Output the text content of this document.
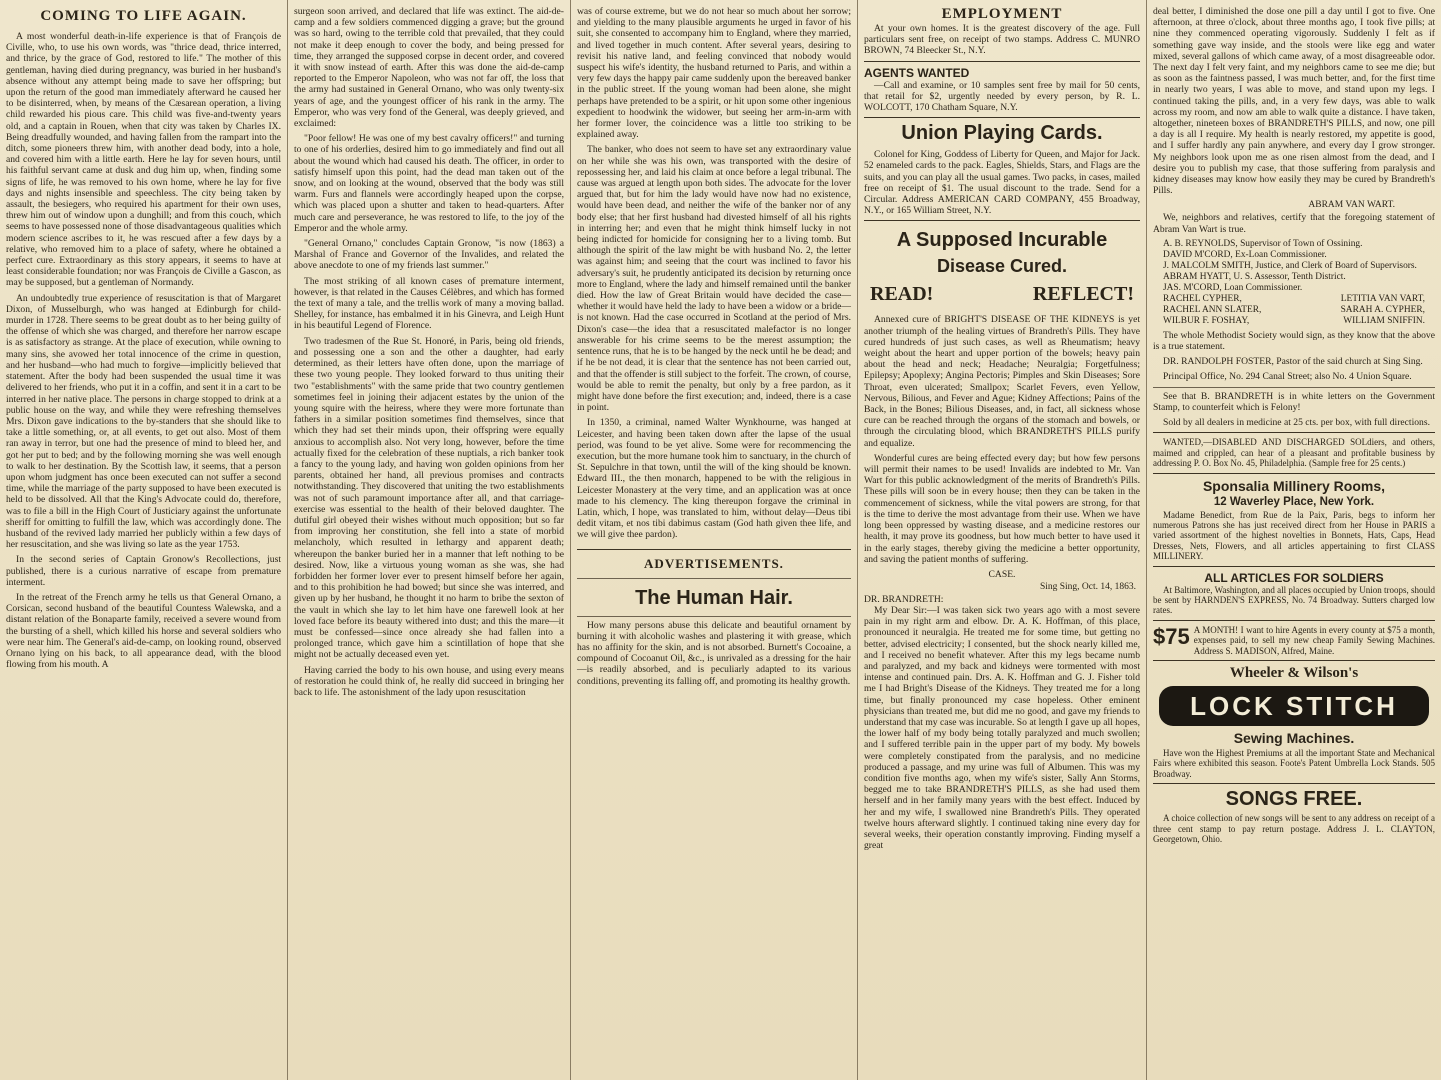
COMING TO LIFE AGAIN.

A most wonderful death-in-life experience is that of François de Civille, who, to use his own words, was "thrice dead, thrice interred, and thrice, by the grace of God, restored to life." The mother of this gentleman, having died during pregnancy, was buried in her husband's absence without any attempt being made to save her offspring; but upon the return of the good man immediately afterward he caused her to be disinterred, when, by means of the Cæsarean operation, a living child rewarded his pious care. This child was five-and-twenty years old, and a captain in Rouen, when that city was taken by Charles IX. Being dreadfully wounded, and having fallen from the rampart into the ditch, some pioneers threw him, with another dead body, into a hole, and covered him with a little earth. Here he lay for seven hours, until his faithful servant came at dusk and dug him up, when, finding some signs of life, he was removed to his own home, where he lay for five days and nights insensible and speechless. The city being taken by assault, the besiegers, who required his apartment for their own uses, threw him out of window upon a dunghill; and from this couch, which seems to have possessed none of those disadvantageous qualities which modern science ascribes to it, he was rescued after a few days by a relative, who removed him to a place of safety, where he obtained a perfect cure. Extraordinary as this story appears, it seems to have at least considerable foundation; nor was François de Civille a Gascon, as may be supposed, but a gentleman of Normandy.

An undoubtedly true experience of resuscitation is that of Margaret Dixon, of Musselburgh, who was hanged at Edinburgh for child-murder in 1728. There seems to be great doubt as to her being guilty of the offense of which she was charged, and therefore her narrow escape is as satisfactory as strange. At the place of execution, while owning to many sins, she avowed her total innocence of the crime in question, and her husband—who had much to forgive—implicitly believed that statement. After the body had been suspended the usual time it was delivered to her friends, who put it in a coffin, and sent it in a cart to be interred in her native place. The persons in charge stopped to drink at a public house on the way, and while they were refreshing themselves Mrs. Dixon gave indications to the by-standers that she should like to take a little something, or, at all events, to get out also. Most of them ran away in terror, but one had the presence of mind to bleed her, and got her put to bed; and by the following morning she was well enough to walk to her destination. By the Scottish law, it seems, that a person upon whom judgment has once been executed can not suffer a second time, while the marriage of the party supposed to have been executed is held to be dissolved. All that the King's Advocate could do, therefore, was to file a bill in the High Court of Justiciary against the unfortunate sheriff for omitting to fulfill the law, which was accordingly done. The husband of the revived lady married her publicly within a few days of her resuscitation, and she was living so late as the year 1753.

In the second series of Captain Gronow's Recollections, just published, there is a curious narrative of escape from premature interment.

In the retreat of the French army he tells us that General Ornano, a Corsican, second husband of the beautiful Countess Walewska, and a distant relation of the Bonaparte family, received a severe wound from the bursting of a shell, which killed his horse and several soldiers who were near him. The General's aid-de-camp, on looking round, observed Ornano lying on his back, to all appearance dead, with the blood flowing from his mouth. A

surgeon soon arrived, and declared that life was extinct. The aid-de-camp and a few soldiers commenced digging a grave; but the ground was so hard, owing to the terrible cold that prevailed, that they could not make it deep enough to cover the body, and being pressed for time, they arranged the supposed corpse in decent order, and covered it with snow instead of earth. After this was done the aid-de-camp reported to the Emperor Napoleon, who was not far off, the loss that the army had sustained in General Ornano, who was only twenty-six years of age, and the youngest officer of his rank in the army. The Emperor, who was very fond of the General, was deeply grieved, and exclaimed:

"Poor fellow! He was one of my best cavalry officers!" and turning to one of his orderlies, desired him to go immediately and find out all about the wound which had caused his death. The officer, in order to satisfy himself upon this point, had the dead man taken out of the snow, and on looking at the wound, observed that the body was still warm. Furs and flannels were accordingly heaped upon the corpse, which was placed upon a shutter and taken to head-quarters. After much care and perseverance, he was restored to life, to the joy of the Emperor and the whole army.

"General Ornano," concludes Captain Gronow, "is now (1863) a Marshal of France and Governor of the Invalides, and related the above anecdote to one of my friends last summer."

The most striking of all known cases of premature interment, however, is that related in the Causes Célèbres, and which has formed the text of many a tale, and the trellis work of many a moving ballad. Shelley, for instance, has embalmed it in his Ginevra, and Leigh Hunt in his beautiful Legend of Florence.

Two tradesmen of the Rue St. Honoré, in Paris, being old friends, and possessing one a son and the other a daughter, had early determined, as their letters have often done, upon the marriage of these two young people. They looked forward to thus uniting their two "establishments" with the same pride that two country gentlemen sometimes feel in joining their adjacent estates by the union of the young squire with the heiress, where they were more fortunate than fathers in a similar position sometimes find themselves, since that which they had set their minds upon, their offspring were equally anxious to accomplish also. Not very long, however, before the time actually fixed for the celebration of these nuptials, a rich banker took a fancy to the young lady, and having won golden opinions from her parents, obtained her hand, all previous promises and contracts notwithstanding. They discovered that uniting the two establishments was not of such paramount importance after all, and that carriage-exercise was essential to the health of their beloved daughter. The dutiful girl obeyed their wishes without much opposition; but so far from improving her constitution, she fell into a state of morbid melancholy, which resulted in lethargy and apparent death; whereupon the banker buried her in a manner that left nothing to be desired. Now, like a virtuous young woman as she was, she had forbidden her former lover ever to present himself before her again, and to this prohibition he had bowed; but since she was interred, and given up by her husband, he thought it no harm to bribe the sexton of the vault in which she lay to let him have one farewell look at her loved face before its beauty withered into dust; and this the mare—it must be confessed—since once already she had fallen into a prolonged trance, which gave him a scintillation of hope that she might not be actually deceased even yet.

Having carried the body to his own house, and using every means of restoration he could think of, he really did succeed in bringing her back to life. The astonishment of the lady upon resuscitation

was of course extreme, but we do not hear so much about her sorrow; and yielding to the many plausible arguments he urged in favor of his suit, she consented to accompany him to England, where they married, and lived together in much content. After several years, desiring to revisit his native land, and feeling convinced that nobody would suspect his wife's identity, the husband returned to Paris, and within a very few days the happy pair came suddenly upon the bereaved banker in the public street. If the young woman had been alone, she might perhaps have pretended to be a spirit, or hit upon some other ingenious expedient to hoodwink the widower, but seeing her arm-in-arm with her former lover, the coincidence was a little too striking to be explained away.

The banker, who does not seem to have set any extraordinary value on her while she was his own, was transported with the desire of repossessing her, and laid his claim at once before a legal tribunal. The cause was argued at length upon both sides. The advocate for the lover argued that, but for him the lady would have now had no existence, would have been dead, and neither the wife of the banker nor of any body else; that her first husband had divested himself of all his rights in interring her; and even that he might think himself lucky in not being indicted for homicide for consigning her to a living tomb. But although the spirit of the law might be with husband No. 2, the letter was against him; and seeing that the court was inclined to favor his adversary's suit, he prudently anticipated its decision by returning once more to England, where the lady and himself remained until the banker died. How the law of Great Britain would have decided the case—whether it would have held the lady to have been a widow or a bride—is not known. Had the case occurred in Scotland at the period of Mrs. Dixon's case—the idea that a resuscitated malefactor is no longer answerable for his crime seems to be the merest assumption; the sentence runs, that he is to be hanged by the neck until he be dead; and if he be not dead, it is clear that the sentence has not been carried out, and that the offender is still subject to the forfeit. The crown, of course, would be able to remit the penalty, but only by a free pardon, as it might have done before the first execution; and, indeed, there is a case in point.

In 1350, a criminal, named Walter Wynkhourne, was hanged at Leicester, and having been taken down after the lapse of the usual period, was found to be yet alive. Some were for recommencing the execution, but the more humane took him to sanctuary, in the church of St. Sepulchre in that town, until the will of the king should be known. Edward III., the then monarch, happened to be with the religious in Leicester Monastery at the very time, and an application was at once made to his clemency. The king thereupon forgave the criminal in Latin, which, I hope, was translated to him, without delay—Deus tibi dedit vitam, et nos tibi dabimus castam (God hath given thee life, and we will give thee pardon).

ADVERTISEMENTS.
The Human Hair.

How many persons abuse this delicate and beautiful ornament by burning it with alcoholic washes and plastering it with grease, which has no affinity for the skin, and is not absorbed. Burnett's Cocoaine, a compound of Cocoanut Oil, &c., is unrivaled as a dressing for the hair—is readily absorbed, and is peculiarly adapted to its various conditions, preventing its falling off, and promoting its healthy growth.

EMPLOYMENT

At your own homes. It is the greatest discovery of the age. Full particulars sent free, on receipt of two stamps. Address C. MUNRO BROWN, 74 Bleecker St., N.Y.

AGENTS WANTED

—Call and examine, or 10 samples sent free by mail for 50 cents, that retail for $2, urgently needed by every person, by R. L. WOLCOTT, 170 Chatham Square, N.Y.

Union Playing Cards.

Colonel for King, Goddess of Liberty for Queen, and Major for Jack. 52 enameled cards to the pack. Eagles, Shields, Stars, and Flags are the suits, and you can play all the usual games. Two packs, in cases, mailed free on receipt of $1. The usual discount to the trade. Send for a Circular. Address AMERICAN CARD COMPANY, 455 Broadway, N.Y., or 165 William Street, N.Y.

A Supposed Incurable
Disease Cured.
READ!	REFLECT!

Annexed cure of BRIGHT'S DISEASE OF THE KIDNEYS is yet another triumph of the healing virtues of Brandreth's Pills. They have cured hundreds of just such cases, as well as Rheumatism; heavy weight about the heart and upper portion of the bowels; heavy pain about the head and neck; Headache; Neuralgia; Forgetfulness; Epilepsy; Apoplexy; Angina Pectoris; Pimples and Skin Diseases; Sore Throat, even ulcerated; Smallpox; Scarlet Fevers, even Yellow, Nervous, Bilious, and Fever and Ague; Kidney Affections; Pains of the Back, in the Bones; Bilious Diseases, and, in fact, all sickness whose cure can be reached through the organs of the stomach and bowels, or through the circulating blood, which BRANDRETH'S PILLS purify and equalize.

Wonderful cures are being effected every day; but how few persons will permit their names to be used! Invalids are indebted to Mr. Van Wart for this public acknowledgment of the merits of Brandreth's Pills. These pills will soon be in every house; then they can be taken in the commencement of sickness, while the vital powers are strong, for that is the time to derive the most advantage from their use. When we have long been oppressed by wasting disease, and a medicine restores our health, it may prove its goodness, but how much better to have used it in the early stages, thereby giving the medicine a better opportunity, and saving the patient months of suffering.

CASE.
Sing Sing, Oct. 14, 1863.
DR. BRANDRETH:

My Dear Sir:—I was taken sick two years ago with a most severe pain in my right arm and elbow. Dr. A. K. Hoffman, of this place, pronounced it neuralgia. He treated me for some time, but getting no better, advised electricity; I consented, but the shock nearly killed me, and I received no benefit whatever. After this my legs became numb and paralyzed, and my back and kidneys were tormented with most intense and continued pain. Drs. A. K. Hoffman and G. J. Fisher told me I had Bright's Disease of the Kidneys. They treated me for a long time, but finally pronounced my case hopeless. Other eminent physicians than treated me, but did me no good, and gave my friends to understand that my case was incurable. So at length I gave up all hopes, the lower half of my body being totally paralyzed and much swollen; and I suffered terrible pain in the upper part of my body. My bowels were completely constipated from the paralysis, and no medicine produced a passage, and my urine was full of Albumen. This was my condition five months ago, when my wife's sister, Sally Ann Storms, begged me to take BRANDRETH'S PILLS, as she had used them herself and in her family many years with the best effect. Induced by her and my wife, I swallowed nine Brandreth's Pills. They operated twelve hours afterward slightly. I continued taking nine every day for several weeks, their operation constantly improving. Finding myself a great

deal better, I diminished the dose one pill a day until I got to five. One afternoon, at three o'clock, about three months ago, I took five pills; at nine they commenced operating vigorously. Suddenly I felt as if something gave way inside, and the stools were like egg and water mixed, several gallons of which came away, of a most disagreeable odor. The next day I felt very faint, and my neighbors came to see me die; but as soon as the faintness passed, I was much better, and, for the first time in nearly two years, I was able to move, and stand upon my legs. I continued taking the pills, and, in a very few days, was able to walk across my room, and now am able to walk quite a distance. I have taken, altogether, nineteen boxes of BRANDRETH'S PILLS, and now, one pill a day is all I require. My health is nearly restored, my appetite is good, and I suffer hardly any pain anywhere, and every day I grow stronger. My neighbors look upon me as one risen almost from the dead, and I desire you to publish my case, that those suffering from paralysis and kidney diseases may know how easily they may be cured by Brandreth's Pills.

ABRAM VAN WART.

We, neighbors and relatives, certify that the foregoing statement of Abram Van Wart is true.

A. B. REYNOLDS, Supervisor of Town of Ossining.
DAVID M'CORD, Ex-Loan Commissioner.
J. MALCOLM SMITH, Justice, and Clerk of Board of Supervisors.
ABRAM HYATT, U. S. Assessor, Tenth District.
JAS. M'CORD, Loan Commissioner.
RACHEL CYPHER,	LETITIA VAN VART,
RACHEL ANN SLATER,	SARAH A. CYPHER,
WILBUR F. FOSHAY,	WILLIAM SNIFFIN.

The whole Methodist Society would sign, as they know that the above is a true statement.

DR. RANDOLPH FOSTER, Pastor of the said church at Sing Sing.

Principal Office, No. 294 Canal Street; also No. 4 Union Square.

See that B. BRANDRETH is in white letters on the Government Stamp, to counterfeit which is Felony!

Sold by all dealers in medicine at 25 cts. per box, with full directions.

WANTED,—DISABLED AND DISCHARGED SOLdiers, and others, maimed and crippled, can hear of a pleasant and profitable business by addressing P. O. Box No. 45, Philadelphia. (Sample free for 25 cents.)

Sponsalia Millinery Rooms,
12 Waverley Place, New York.

Madame Benedict, from Rue de la Paix, Paris, begs to inform her numerous Patrons she has just received direct from her House in PARIS a varied assortment of the highest novelties in Bonnets, Hats, Caps, Head Dresses, Nets, Flowers, and all articles appertaining to first CLASS MILLINERY.

ALL ARTICLES FOR SOLDIERS

At Baltimore, Washington, and all places occupied by Union troops, should be sent by HARNDEN'S EXPRESS, No. 74 Broadway. Sutters charged low rates.

$75 A MONTH! I want to hire Agents in every county at $75 a month, expenses paid, to sell my new cheap Family Sewing Machines. Address S. MADISON, Alfred, Maine.
Wheeler & Wilson's
LOCK STITCH
Sewing Machines.

Have won the Highest Premiums at all the important State and Mechanical Fairs where exhibited this season. Foote's Patent Umbrella Lock Stands. 505 Broadway.

SONGS FREE.

A choice collection of new songs will be sent to any address on receipt of a three cent stamp to pay return postage. Address J. L. CLAYTON, Georgetown, Ohio.
